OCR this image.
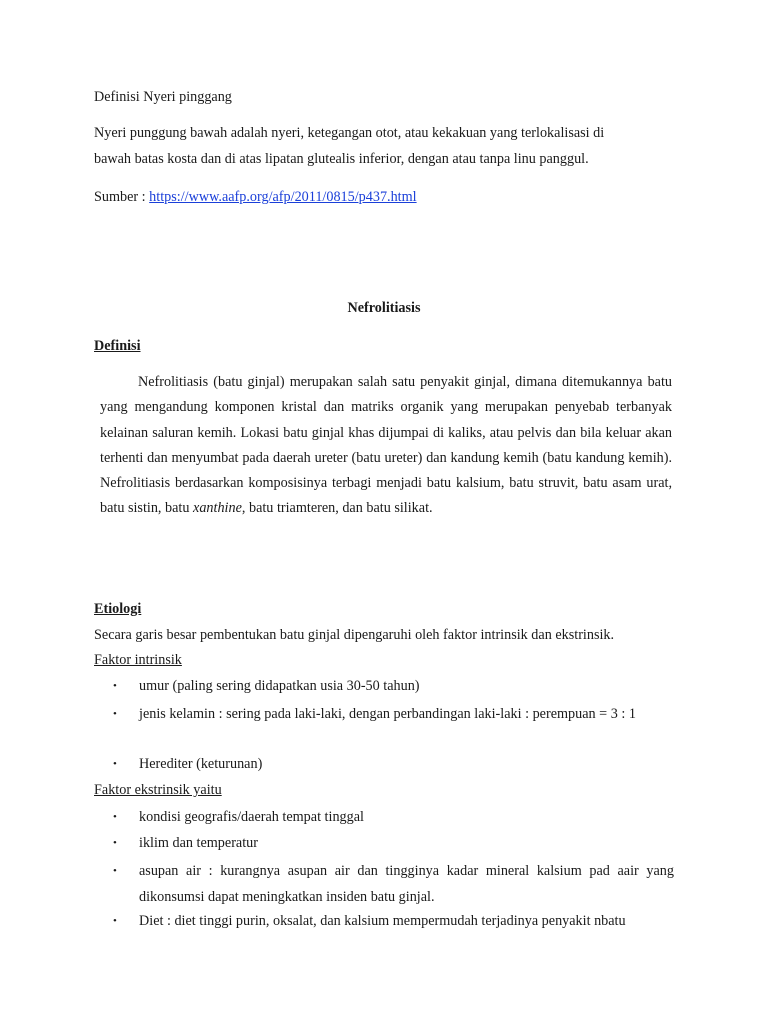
Definisi Nyeri pinggang
Nyeri punggung bawah adalah nyeri, ketegangan otot, atau kekakuan yang terlokalisasi di
bawah batas kosta dan di atas lipatan glutealis inferior, dengan atau tanpa linu panggul.
Sumber : https://www.aafp.org/afp/2011/0815/p437.html
Nefrolitiasis
Definisi
Nefrolitiasis (batu ginjal) merupakan salah satu penyakit ginjal, dimana ditemukannya batu yang mengandung komponen kristal dan matriks organik yang merupakan penyebab terbanyak kelainan saluran kemih. Lokasi batu ginjal khas dijumpai di kaliks, atau pelvis dan bila keluar akan terhenti dan menyumbat pada daerah ureter (batu ureter) dan kandung kemih (batu kandung kemih). Nefrolitiasis berdasarkan komposisinya terbagi menjadi batu kalsium, batu struvit, batu asam urat, batu sistin, batu xanthine, batu triamteren, dan batu silikat.
Etiologi
Secara garis besar pembentukan batu ginjal dipengaruhi oleh faktor intrinsik dan ekstrinsik.
Faktor intrinsik
• umur (paling sering didapatkan usia 30-50 tahun)
• jenis kelamin : sering pada laki-laki, dengan perbandingan laki-laki : perempuan = 3 : 1
• Herediter (keturunan)
Faktor ekstrinsik yaitu
• kondisi geografis/daerah tempat tinggal
• iklim dan temperatur
• asupan air : kurangnya asupan air dan tingginya kadar mineral kalsium pad aair yang dikonsumsi dapat meningkatkan insiden batu ginjal.
• Diet : diet tinggi purin, oksalat, dan kalsium mempermudah terjadinya penyakit nbatu
